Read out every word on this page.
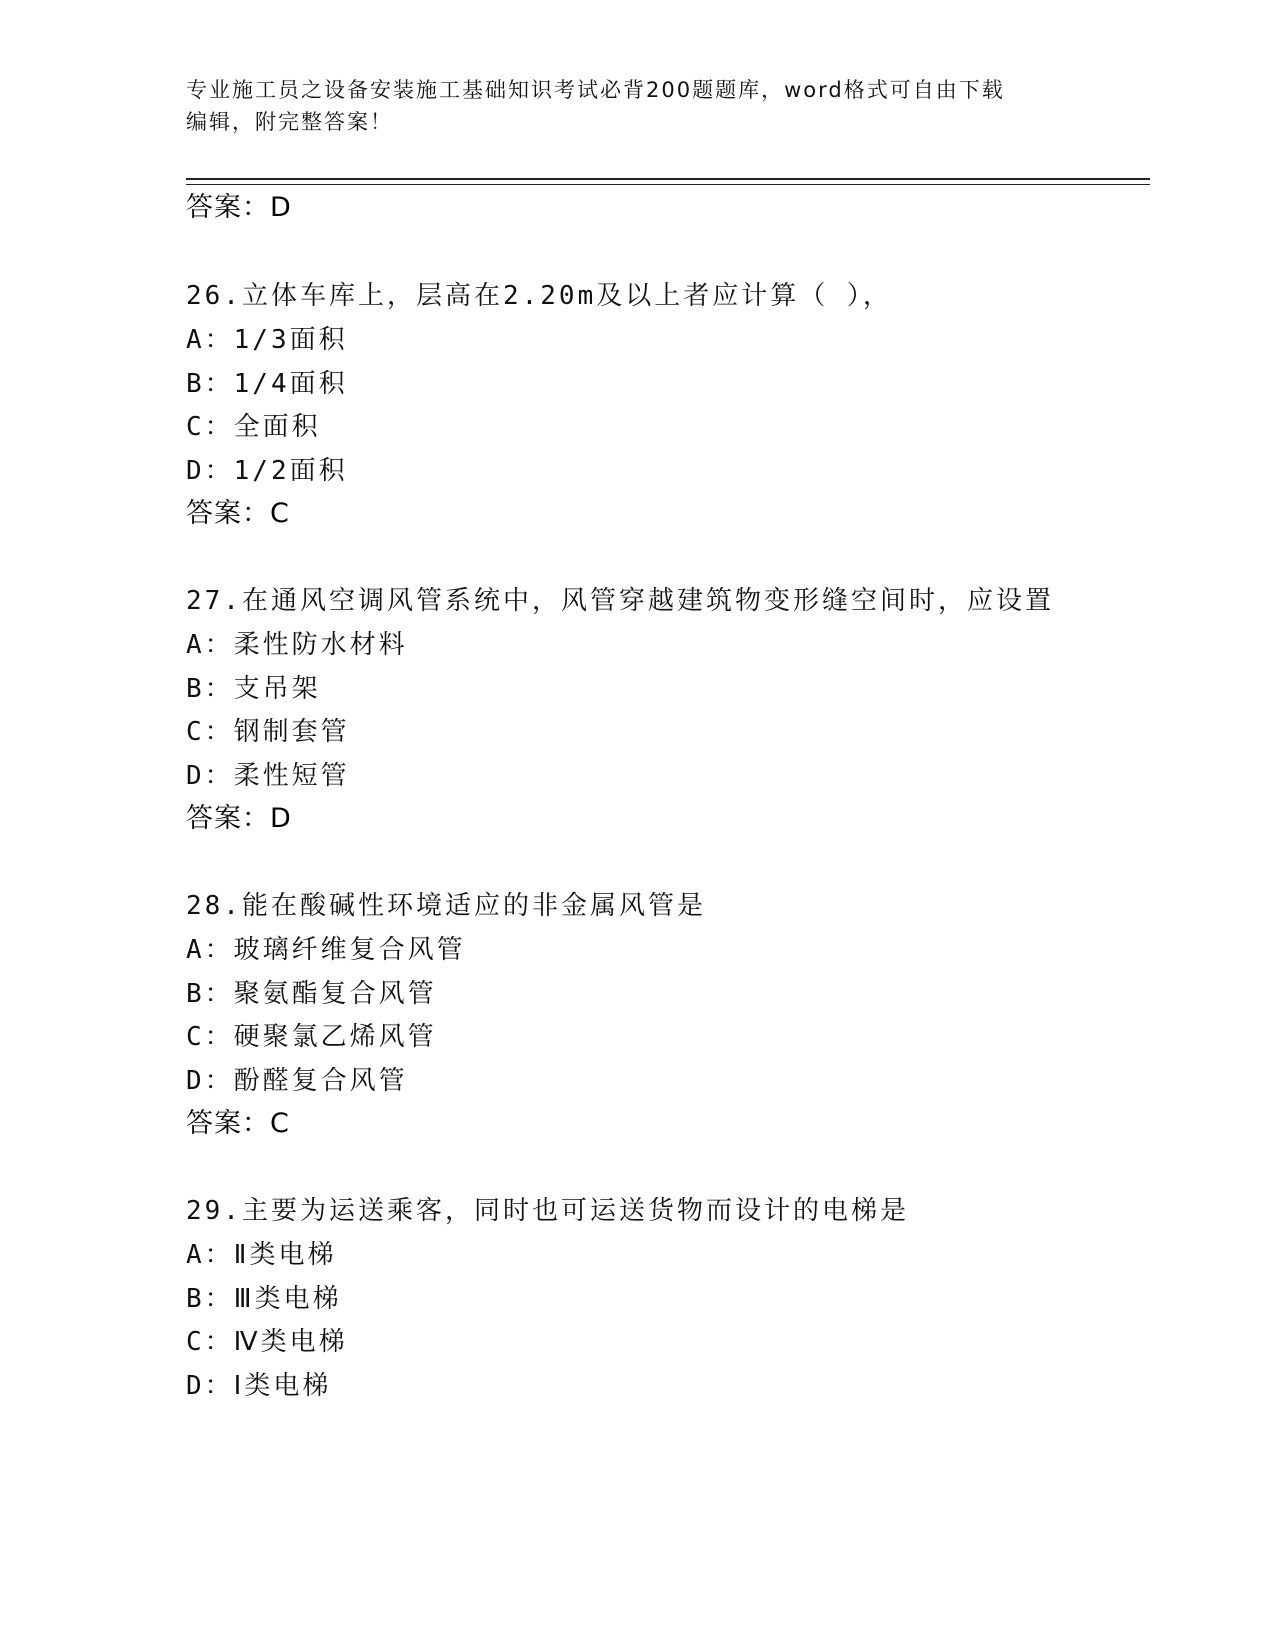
专业施工员之设备安装施工基础知识考试必背200题题库，word格式可自由下载
编辑，附完整答案！
答案：D
26.立体车库上，层高在2.20m及以上者应计算（ ），
A：1/3面积
B：1/4面积
C：全面积
D：1/2面积
答案：C
27.在通风空调风管系统中，风管穿越建筑物变形缝空间时，应设置
A：柔性防水材料
B：支吊架
C：钢制套管
D：柔性短管
答案：D
28.能在酸碱性环境适应的非金属风管是
A：玻璃纤维复合风管
B：聚氨酯复合风管
C：硬聚氯乙烯风管
D：酚醛复合风管
答案：C
29.主要为运送乘客，同时也可运送货物而设计的电梯是
A：Ⅱ类电梯
B：Ⅲ类电梯
C：Ⅳ类电梯
D：Ⅰ类电梯
